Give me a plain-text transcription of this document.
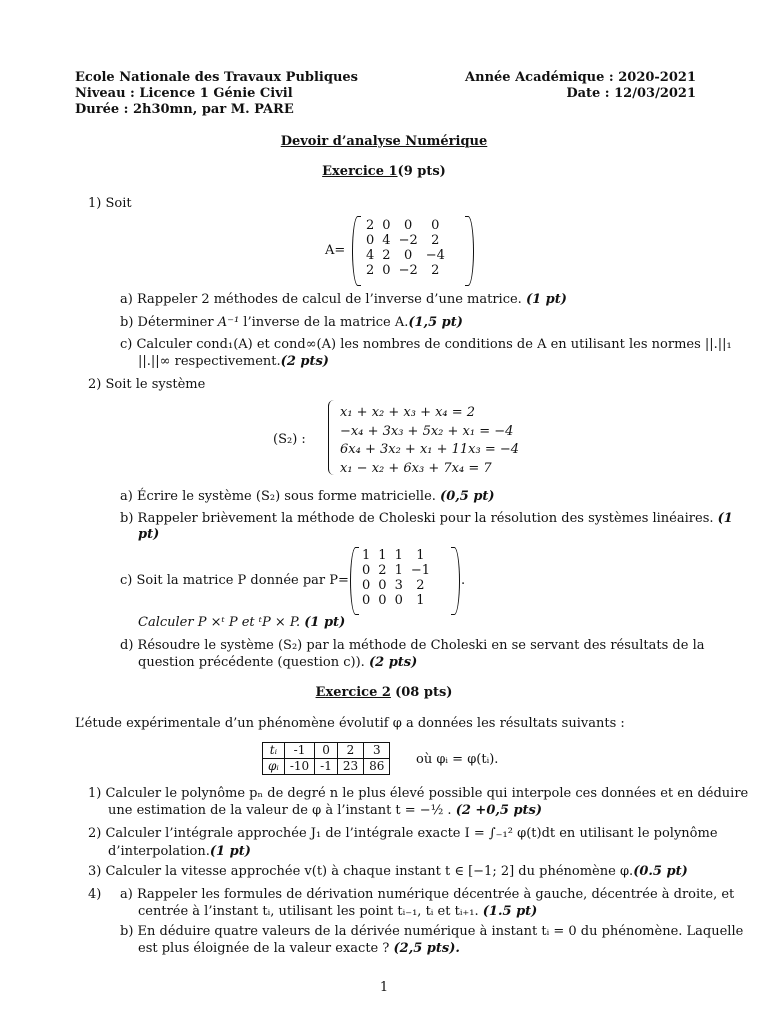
Ecole Nationale des Travaux Publiques
Niveau : Licence 1 Génie Civil
Durée : 2h30mn, par M. PARE
Année Académique : 2020-2021
Date : 12/03/2021
Devoir d’analyse Numérique
Exercice 1(9 pts)
1) Soit
A=
2	0	0	0
0	4	−2	2
4	2	0	−4
2	0	−2	2
a) Rappeler 2 méthodes de calcul de l’inverse d’une matrice. (1 pt)
b) Déterminer A⁻¹ l’inverse de la matrice A.(1,5 pt)
c) Calculer cond₁(A) et cond∞(A) les nombres de conditions de A en utilisant les normes ||.||₁
||.||∞ respectivement.(2 pts)
2) Soit le système
(S₂) :
x₁ + x₂ + x₃ + x₄ = 2
−x₄ + 3x₃ + 5x₂ + x₁ = −4
6x₄ + 3x₂ + x₁ + 11x₃ = −4
x₁ − x₂ + 6x₃ + 7x₄ = 7
a) Écrire le système (S₂) sous forme matricielle. (0,5 pt)
b) Rappeler brièvement la méthode de Choleski pour la résolution des systèmes linéaires. (1
pt)
c) Soit la matrice P donnée par P=
1	1	1	1
0	2	1	−1
0	0	3	2
0	0	0	1
.
Calculer P ×ᵗ P et ᵗP × P. (1 pt)
d) Résoudre le système (S₂) par la méthode de Choleski en se servant des résultats de la
question précédente (question c)). (2 pts)
Exercice 2 (08 pts)
L’étude expérimentale d’un phénomène évolutif φ a données les résultats suivants :
tᵢ	-1	0	2	3
φᵢ	-10	-1	23	86 où φᵢ = φ(tᵢ).
1) Calculer le polynôme pₙ de degré n le plus élevé possible qui interpole ces données et en déduire
une estimation de la valeur de φ à l’instant t = −½ . (2 +0,5 pts)
2) Calculer l’intégrale approchée J₁ de l’intégrale exacte I = ∫₋₁² φ(t)dt en utilisant le polynôme
d’interpolation.(1 pt)
3) Calculer la vitesse approchée v(t) à chaque instant t ∈ [−1; 2] du phénomène φ.(0.5 pt)
4) a) Rappeler les formules de dérivation numérique décentrée à gauche, décentrée à droite, et
centrée à l’instant tᵢ, utilisant les point tᵢ₋₁, tᵢ et tᵢ₊₁. (1.5 pt)
b) En déduire quatre valeurs de la dérivée numérique à instant tᵢ = 0 du phénomène. Laquelle
est plus éloignée de la valeur exacte ? (2,5 pts).
1
